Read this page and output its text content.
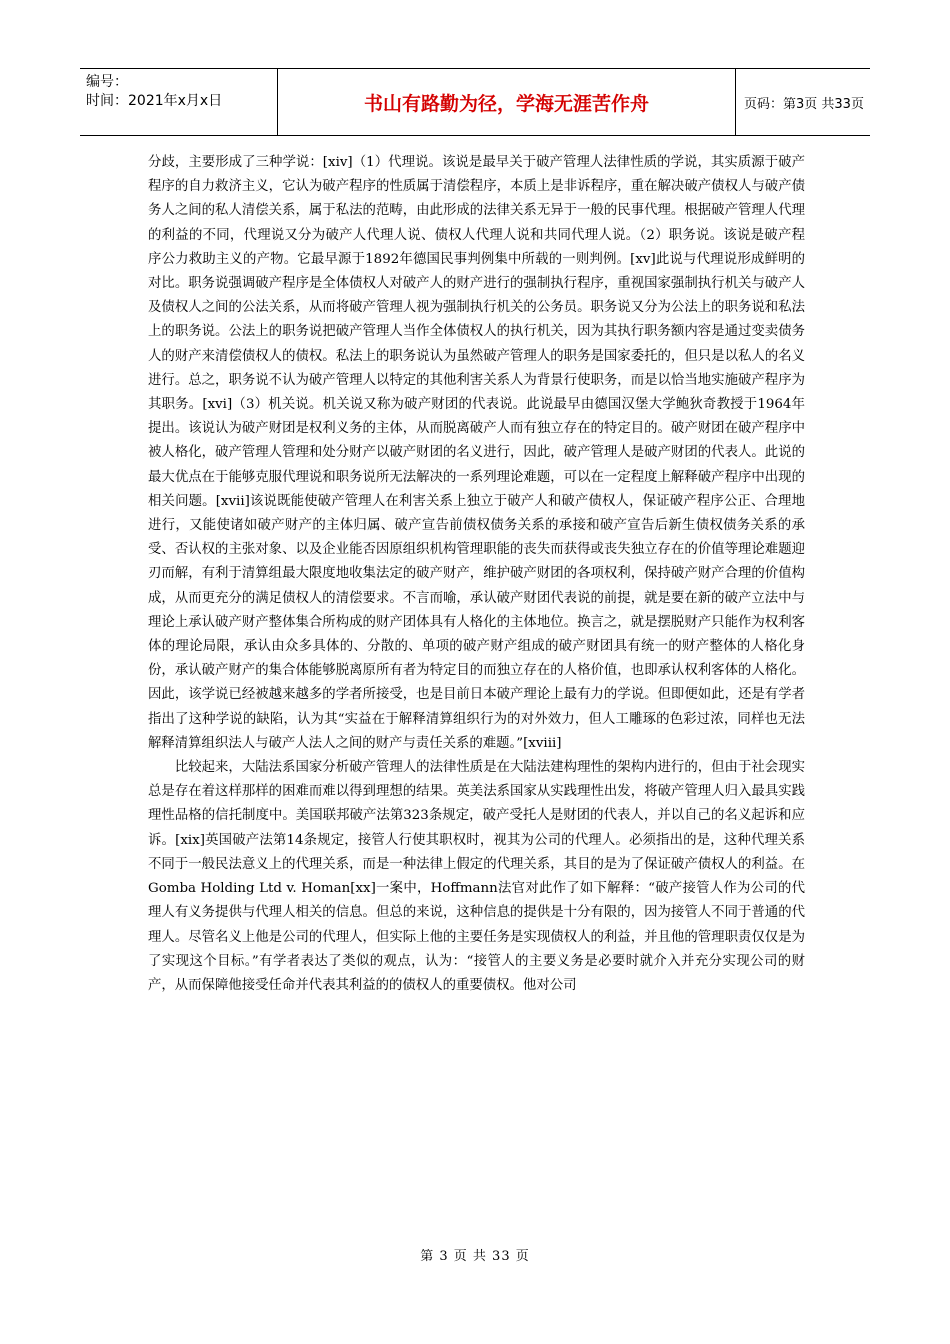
编号：
时间：2021年x月x日	书山有路勤为径，学海无涯苦作舟	页码：第3页 共33页

分歧，主要形成了三种学说：[xiv]（1）代理说。该说是最早关于破产管理人法律性质的学说，其实质源于破产程序的自力救济主义，它认为破产程序的性质属于清偿程序，本质上是非诉程序，重在解决破产债权人与破产债务人之间的私人清偿关系，属于私法的范畴，由此形成的法律关系无异于一般的民事代理。根据破产管理人代理的利益的不同，代理说又分为破产人代理人说、债权人代理人说和共同代理人说。（2）职务说。该说是破产程序公力救助主义的产物。它最早源于1892年德国民事判例集中所载的一则判例。[xv]此说与代理说形成鲜明的对比。职务说强调破产程序是全体债权人对破产人的财产进行的强制执行程序，重视国家强制执行机关与破产人及债权人之间的公法关系，从而将破产管理人视为强制执行机关的公务员。职务说又分为公法上的职务说和私法上的职务说。公法上的职务说把破产管理人当作全体债权人的执行机关，因为其执行职务额内容是通过变卖债务人的财产来清偿债权人的债权。私法上的职务说认为虽然破产管理人的职务是国家委托的，但只是以私人的名义进行。总之，职务说不认为破产管理人以特定的其他利害关系人为背景行使职务，而是以恰当地实施破产程序为其职务。[xvi]（3）机关说。机关说又称为破产财团的代表说。此说最早由德国汉堡大学鲍狄奇教授于1964年提出。该说认为破产财团是权利义务的主体，从而脱离破产人而有独立存在的特定目的。破产财团在破产程序中被人格化，破产管理人管理和处分财产以破产财团的名义进行，因此，破产管理人是破产财团的代表人。此说的最大优点在于能够克服代理说和职务说所无法解决的一系列理论难题，可以在一定程度上解释破产程序中出现的相关问题。[xvii]该说既能使破产管理人在利害关系上独立于破产人和破产债权人，保证破产程序公正、合理地进行，又能使诸如破产财产的主体归属、破产宣告前债权债务关系的承接和破产宣告后新生债权债务关系的承受、否认权的主张对象、以及企业能否因原组织机构管理职能的丧失而获得或丧失独立存在的价值等理论难题迎刃而解，有利于清算组最大限度地收集法定的破产财产，维护破产财团的各项权利，保持破产财产合理的价值构成，从而更充分的满足债权人的清偿要求。不言而喻，承认破产财团代表说的前提，就是要在新的破产立法中与理论上承认破产财产整体集合所构成的财产团体具有人格化的主体地位。换言之，就是摆脱财产只能作为权利客体的理论局限，承认由众多具体的、分散的、单项的破产财产组成的破产财团具有统一的财产整体的人格化身份，承认破产财产的集合体能够脱离原所有者为特定目的而独立存在的人格价值，也即承认权利客体的人格化。因此，该学说已经被越来越多的学者所接受，也是目前日本破产理论上最有力的学说。但即便如此，还是有学者指出了这种学说的缺陷，认为其“实益在于解释清算组织行为的对外效力，但人工雕琢的色彩过浓，同样也无法解释清算组织法人与破产人法人之间的财产与责任关系的难题。”[xviii]

比较起来，大陆法系国家分析破产管理人的法律性质是在大陆法建构理性的架构内进行的，但由于社会现实总是存在着这样那样的困难而难以得到理想的结果。英美法系国家从实践理性出发，将破产管理人归入最具实践理性品格的信托制度中。美国联邦破产法第323条规定，破产受托人是财团的代表人，并以自己的名义起诉和应诉。[xix]英国破产法第14条规定，接管人行使其职权时，视其为公司的代理人。必须指出的是，这种代理关系不同于一般民法意义上的代理关系，而是一种法律上假定的代理关系，其目的是为了保证破产债权人的利益。在Gomba Holding Ltd v. Homan[xx]一案中，Hoffmann法官对此作了如下解释：“破产接管人作为公司的代理人有义务提供与代理人相关的信息。但总的来说，这种信息的提供是十分有限的，因为接管人不同于普通的代理人。尽管名义上他是公司的代理人，但实际上他的主要任务是实现债权人的利益，并且他的管理职责仅仅是为了实现这个目标。”有学者表达了类似的观点，认为：“接管人的主要义务是必要时就介入并充分实现公司的财产，从而保障他接受任命并代表其利益的的债权人的重要债权。他对公司

第 3 页 共 33 页
